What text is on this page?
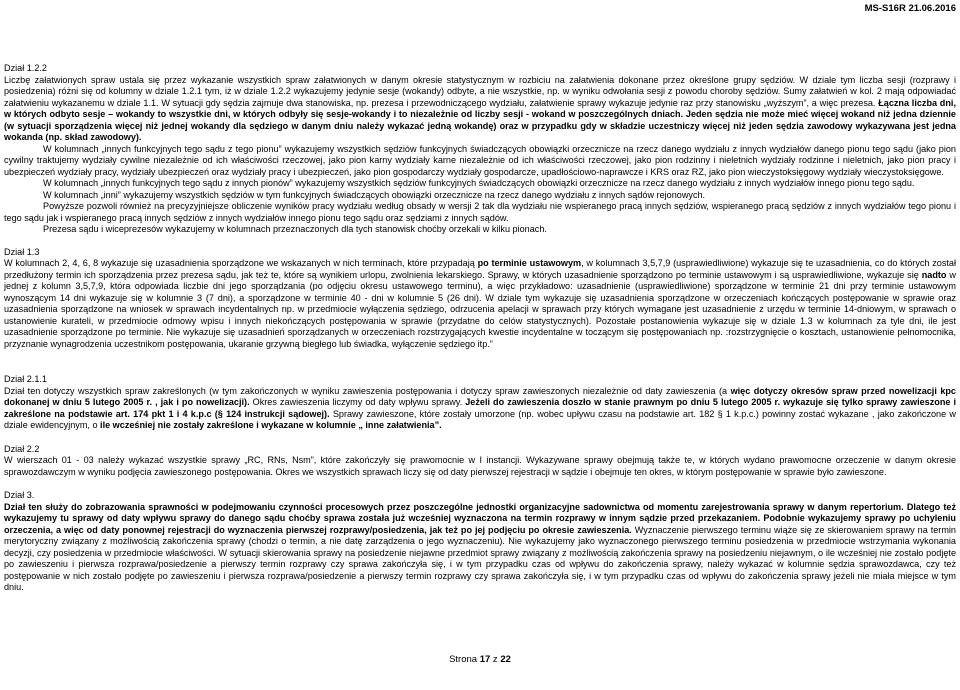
MS-S16R 21.06.2016

Dział 1.2.2

Liczbę załatwionych spraw ustala się przez wykazanie wszystkich spraw załatwionych w danym okresie statystycznym w rozbiciu na załatwienia dokonane przez określone grupy sędziów. W dziale tym liczba sesji (rozprawy i posiedzenia) różni się od kolumny w dziale 1.2.1 tym, iż w dziale 1.2.2 wykazujemy jedynie sesje (wokandy) odbyte, a nie wszystkie, np. w wyniku odwołania sesji z powodu choroby sędziów. Sumy załatwień w kol. 2 mają odpowiadać załatwieniu wykazanemu w dziale 1.1. W sytuacji gdy sędzia zajmuje dwa stanowiska, np. prezesa i przewodniczącego wydziału, załatwienie sprawy wykazuje jedynie raz przy stanowisku „wyższym”, a więc prezesa. Łączna liczba dni, w których odbyto sesje – wokandy to wszystkie dni, w których odbyły się sesje-wokandy i to niezależnie od liczby sesji - wokand w poszczególnych dniach. Jeden sędzia nie może mieć więcej wokand niż jedna dziennie (w sytuacji sporządzenia więcej niż jednej wokandy dla sędziego w danym dniu należy wykazać jedną wokandę) oraz w przypadku gdy w składzie uczestniczy więcej niż jeden sędzia zawodowy wykazywana jest jedna wokanda (np. skład zawodowy).

W kolumnach „innych funkcyjnych tego sądu z tego pionu” wykazujemy wszystkich sędziów funkcyjnych świadczących obowiązki orzecznicze na rzecz danego wydziału z innych wydziałów danego pionu tego sądu (jako pion cywilny traktujemy wydziały cywilne niezależnie od ich właściwości rzeczowej, jako pion karny wydziały karne niezależnie od ich właściwości rzeczowej, jako pion rodzinny i nieletnich wydziały rodzinne i nieletnich, jako pion pracy i ubezpieczeń wydziały pracy, wydziały ubezpieczeń oraz wydziały pracy i ubezpieczeń, jako pion gospodarczy wydziały gospodarcze, upadłościowo-naprawcze i KRS oraz RZ, jako pion wieczystoksięgowy wydziały wieczystoksięgowe.

W kolumnach „innych funkcyjnych tego sądu z innych pionów” wykazujemy wszystkich sędziów funkcyjnych świadczących obowiązki orzecznicze na rzecz danego wydziału z innych wydziałów innego pionu tego sądu.

W kolumnach „inni” wykazujemy wszystkich sędziów w tym funkcyjnych świadczących obowiązki orzecznicze na rzecz danego wydziału z innych sądów rejonowych.

Powyższe pozwoli również na precyzyjniejsze obliczenie wyników pracy wydziału według obsady w wersji 2 tak dla wydziału nie wspieranego pracą innych sędziów, wspieranego pracą sędziów z innych wydziałów tego pionu i tego sądu jak i wspieranego pracą innych sędziów z innych wydziałów innego pionu tego sądu oraz sędziami z innych sądów.

Prezesa sądu i wiceprezesów wykazujemy w kolumnach przeznaczonych dla tych stanowisk choćby orzekali w kilku pionach.

Dział 1.3

W kolumnach 2, 4, 6, 8 wykazuje się uzasadnienia sporządzone we wskazanych w nich terminach, które przypadają po terminie ustawowym, w kolumnach 3,5,7,9 (usprawiedliwione) wykazuje się te uzasadnienia, co do których został przedłużony termin ich sporządzenia przez prezesa sądu, jak też te, które są wynikiem urlopu, zwolnienia lekarskiego. Sprawy, w których uzasadnienie sporządzono po terminie ustawowym i są usprawiedliwione, wykazuje się nadto w jednej z kolumn 3,5,7,9, która odpowiada liczbie dni jego sporządzania (po odjęciu okresu ustawowego terminu), a więc przykładowo: uzasadnienie (usprawiedliwione) sporządzone w terminie 21 dni przy terminie ustawowym wynoszącym 14 dni wykazuje się w kolumnie 3 (7 dni), a sporządzone w terminie 40 - dni w kolumnie 5 (26 dni). W dziale tym wykazuje się uzasadnienia sporządzone w orzeczeniach kończących postępowanie w sprawie oraz uzasadnienia sporządzone na wniosek w sprawach incydentalnych np. w przedmiocie wyłączenia sędziego, odrzucenia apelacji w sprawach przy których wymagane jest uzasadnienie z urzędu w terminie 14-dniowym, w sprawach o ustanowienie kurateli, w przedmiocie odmowy wpisu i innych niekończących postępowania w sprawie (przydatne do celów statystycznych). Pozostałe postanowienia wykazuje się w dziale 1.3 w kolumnach za tyle dni, ile jest uzasadnienie sporządzone po terminie. Nie wykazuje się uzasadnień sporządzanych w orzeczeniach rozstrzygających kwestie incydentalne w toczącym się postępowaniach np. :rozstrzygnięcie o kosztach, ustanowienie pełnomocnika, przyznanie wynagrodzenia uczestnikom postępowania, ukaranie grzywną biegłego lub świadka, wyłączenie sędziego itp.”

Dział 2.1.1

Dział ten dotyczy wszystkich spraw zakreślonych (w tym zakończonych w wyniku zawieszenia postępowania i dotyczy spraw zawieszonych niezależnie od daty zawieszenia (a więc dotyczy okresów spraw przed nowelizacji kpc dokonanej w dniu 5 lutego 2005 r. , jak i po nowelizacji). Okres zawieszenia liczymy od daty wpływu sprawy. Jeżeli do zawieszenia doszło w stanie prawnym po dniu 5 lutego 2005 r. wykazuje się tylko sprawy zawieszone i zakreślone na podstawie art. 174 pkt 1 i 4 k.p.c (§ 124 instrukcji sądowej). Sprawy zawieszone, które zostały umorzone (np. wobec upływu czasu na podstawie art. 182 § 1 k.p.c.) powinny zostać wykazane , jako zakończone w dziale ewidencyjnym, o ile wcześniej nie zostały zakreślone i wykazane w kolumnie „ inne załatwienia”.

Dział 2.2

W wierszach 01 - 03 należy wykazać wszystkie sprawy „RC, RNs, Nsm”, które zakończyły się prawomocnie w I instancji. Wykazywane sprawy obejmują także te, w których wydano prawomocne orzeczenie w danym okresie sprawozdawczym w wyniku podjęcia zawieszonego postępowania. Okres we wszystkich sprawach liczy się od daty pierwszej rejestracji w sądzie i obejmuje ten okres, w którym postępowanie w sprawie było zawieszone.

Dział 3.

Dział ten służy do zobrazowania sprawności w podejmowaniu czynności procesowych przez poszczególne jednostki organizacyjne sadownictwa od momentu zarejestrowania sprawy w danym repertorium. Dlatego też wykazujemy tu sprawy od daty wpływu sprawy do danego sądu choćby sprawa została już wcześniej wyznaczona na termin rozprawy w innym sądzie przed przekazaniem. Podobnie wykazujemy sprawy po uchyleniu orzeczenia, a więc od daty ponownej rejestracji do wyznaczenia pierwszej rozprawy/posiedzenia, jak też po jej podjęciu po okresie zawieszenia. Wyznaczenie pierwszego terminu wiąże się ze skierowaniem sprawy na termin merytoryczny związany z możliwością zakończenia sprawy (chodzi o termin, a nie datę zarządzenia o jego wyznaczeniu). Nie wykazujemy jako wyznaczonego pierwszego terminu posiedzenia w przedmiocie wstrzymania wykonania decyzji, czy posiedzenia w przedmiocie właściwości. W sytuacji skierowania sprawy na posiedzenie niejawne przedmiot sprawy związany z możliwością zakończenia sprawy na posiedzeniu niejawnym, o ile wcześniej nie zostało podjęte po zawieszeniu i pierwsza rozprawa/posiedzenie a pierwszy termin rozprawy czy sprawa zakończyła się, i w tym przypadku czas od wpływu do zakończenia sprawy, należy wykazać w kolumnie sędzia sprawozdawca, czy też postępowanie w nich zostało podjęte po zawieszeniu i pierwsza rozprawa/posiedzenie a pierwszy termin rozprawy czy sprawa zakończyła się, i w tym przypadku czas od wpływu do zakończenia sprawy jeżeli nie miała miejsce w tym dniu.

Strona 17 z 22
